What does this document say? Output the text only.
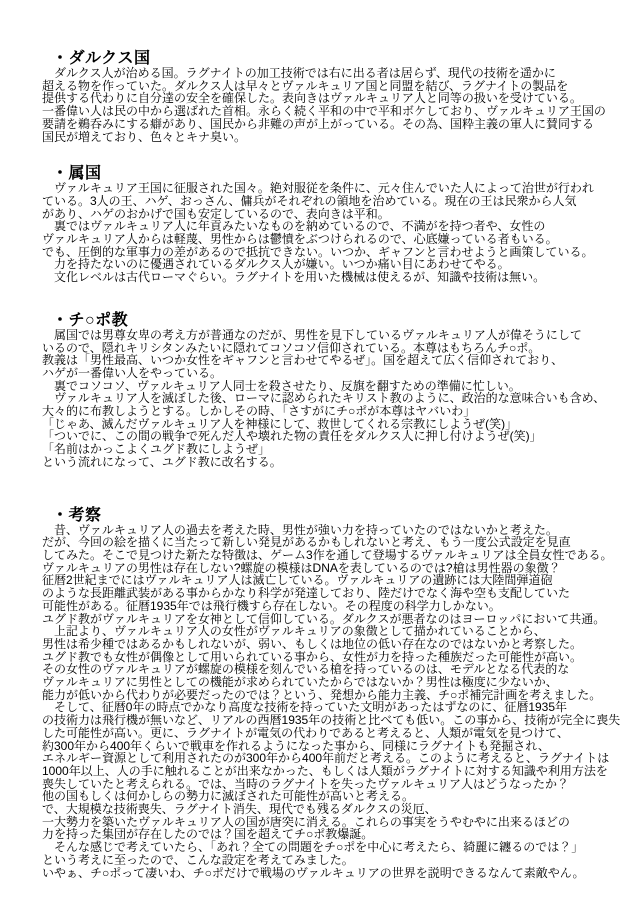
・ダルクス国
　ダルクス人が治める国。ラグナイトの加工技術では右に出る者は居らず、現代の技術を遥かに
超える物を作っていた。ダルクス人は早々とヴァルキュリア国と同盟を結び、ラグナイトの製品を
提供する代わりに自分達の安全を確保した。表向きはヴァルキュリア人と同等の扱いを受けている。
一番偉い人は民の中から選ばれた首相。永らく続く平和の中で平和ボケしており、ヴァルキュリア王国の
要請を鵜呑みにする癖があり、国民から非難の声が上がっている。その為、国粋主義の軍人に賛同する
国民が増えており、色々とキナ臭い。
・属国
　ヴァルキュリア王国に征服された国々。絶対服従を条件に、元々住んでいた人によって治世が行われ
ている。3人の王、ハゲ、おっさん、傭兵がそれぞれの領地を治めている。現在の王は民衆から人気
があり、ハゲのおかげで国も安定しているので、表向きは平和。
　裏ではヴァルキュリア人に年貢みたいなものを納めているので、不満がを持つ者や、女性の
ヴァルキュリア人からは軽蔑、男性からは鬱憤をぶつけられるので、心底嫌っている者もいる。
でも、圧倒的な軍事力の差があるので抵抗できない。いつか、ギャフンと言わせようと画策している。
　力を持たないのに優遇されているダルクス人が嫌い。いつか痛い目にあわせてやる。
　文化レベルは古代ローマぐらい。ラグナイトを用いた機械は使えるが、知識や技術は無い。
・チ○ポ教
　属国では男尊女卑の考え方が普通なのだが、男性を見下しているヴァルキュリア人が偉そうにして
いるので、隠れキリシタンみたいに隠れてコソコソ信仰されている。本尊はもちろんチ○ポ。
教義は「男性最高、いつか女性をギャフンと言わせてやるぜ」。国を超えて広く信仰されており、
ハゲが一番偉い人をやっている。
　裏でコソコソ、ヴァルキュリア人同士を殺させたり、反旗を翻すための準備に忙しい。
　ヴァルキュリア人を滅ぼした後、ローマに認められたキリスト教のように、政治的な意味合いも含め、
大々的に布教しようとする。しかしその時、「さすがにチ○ポが本尊はヤバいわ」
「じゃあ、滅んだヴァルキュリア人を神様にして、救世してくれる宗教にしようぜ(笑)」
「ついでに、この間の戦争で死んだ人や壊れた物の責任をダルクス人に押し付けようぜ(笑)」
「名前はかっこよくユグド教にしようぜ」
という流れになって、ユグド教に改名する。
・考察
　昔、ヴァルキュリア人の過去を考えた時、男性が強い力を持っていたのではないかと考えた。
だが、今回の絵を描くに当たって新しい発見があるかもしれないと考え、もう一度公式設定を見直
してみた。そこで見つけた新たな特徴は、ゲーム3作を通して登場するヴァルキュリアは全員女性である。
ヴァルキュリアの男性は存在しない?螺旋の模様はDNAを表しているのでは?槍は男性器の象徴？
征暦2世紀までにはヴァルキュリア人は滅亡している。ヴァルキュリアの遺跡には大陸間弾道砲
のような長距離武装がある事からかなり科学が発達しており、陸だけでなく海や空も支配していた
可能性がある。征暦1935年では飛行機すら存在しない。その程度の科学力しかない。
ユグド教がヴァルキュリアを女神として信仰している。ダルクスが悪者なのはヨーロッパにおいて共通。
　上記より、ヴァルキュリア人の女性がヴァルキュリアの象徴として描かれていることから、
男性は希少種ではあるかもしれないが、弱い、もしくは地位の低い存在なのではないかと考察した。
ユグド教でも女性が偶像として用いられている事から、女性が力を持った種族だった可能性が高い。
その女性のヴァルキュリアが螺旋の模様を刻んでいる槍を持っているのは、モデルとなる代表的な
ヴァルキュリアに男性としての機能が求められていたからではないか？男性は極度に少ないか、
能力が低いから代わりが必要だったのでは？という、発想から能力主義、チ○ポ補完計画を考えました。
　そして、征暦0年の時点でかなり高度な技術を持っていた文明があったはずなのに、征暦1935年
の技術力は飛行機が無いなど、リアルの西暦1935年の技術と比べても低い。この事から、技術が完全に喪失
した可能性が高い。更に、ラグナイトが電気の代わりであると考えると、人類が電気を見つけて、
約300年から400年くらいで戦車を作れるようになった事から、同様にラグナイトも発掘され、
エネルギー資源として利用されたのが300年から400年前だと考える。このように考えると、ラグナイトは
1000年以上、人の手に触れることが出来なかった、もしくは人類がラグナイトに対する知識や利用方法を
喪失していたと考えられる。では、当時のラグナイトを失ったヴァルキュリア人はどうなったか？
他の国もしくは何かしらの勢力に滅ぼされた可能性が高いと考える。
で、大規模な技術喪失、ラグナイト消失、現代でも残るダルクスの災厄、
一大勢力を築いたヴァルキュリア人の国が唐突に消える。これらの事実をうやむやに出来るほどの
力を持った集団が存在したのでは？国を超えてチ○ポ教爆誕。
　そんな感じで考えていたら、「あれ？全ての問題をチ○ポを中心に考えたら、綺麗に纏るのでは？」
という考えに至ったので、こんな設定を考えてみました。
いやぁ、チ○ポって凄いわ、チ○ポだけで戦場のヴァルキュリアの世界を説明できるなんて素敵やん。
